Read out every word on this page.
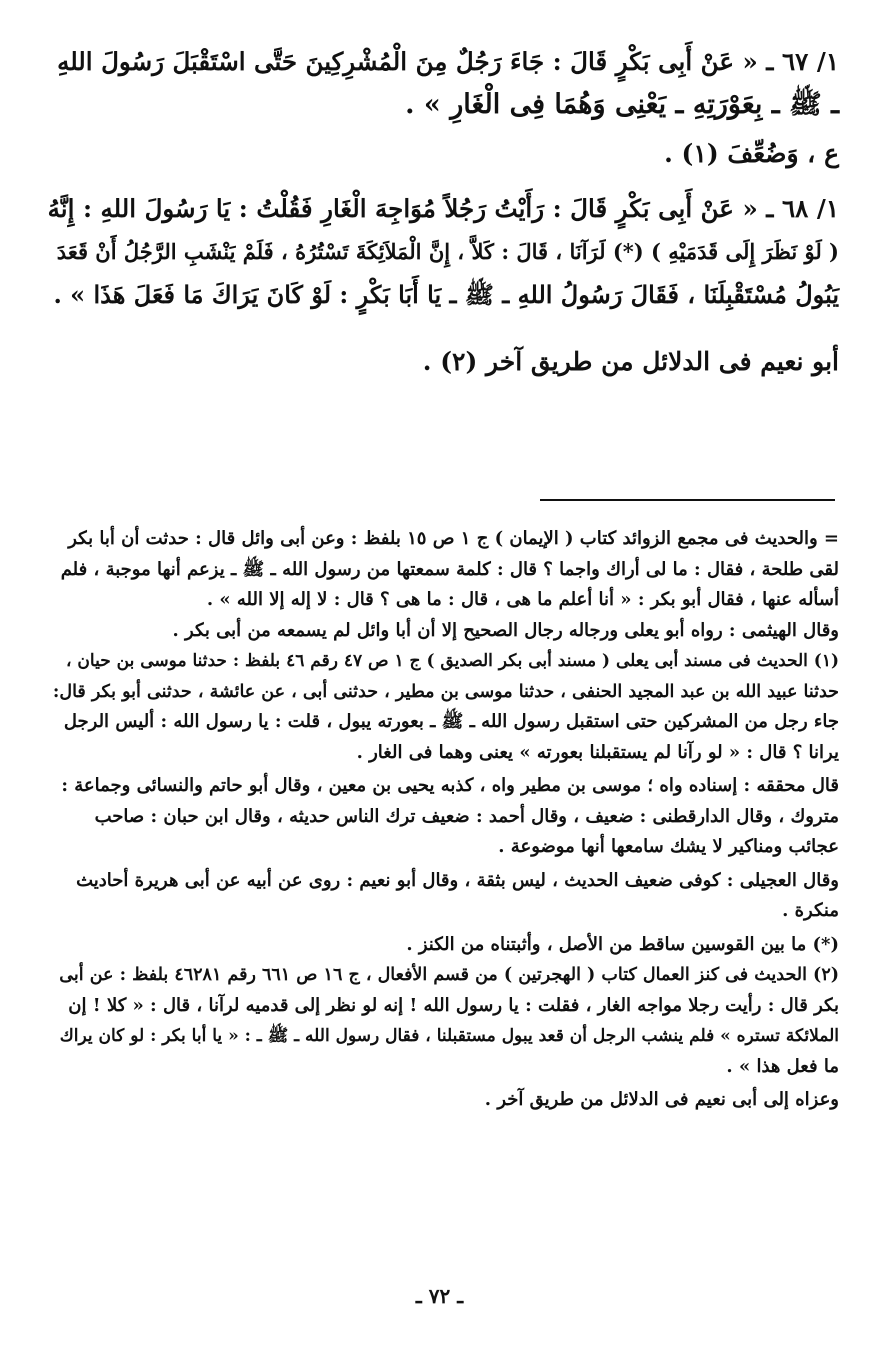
١/ ٦٧ ـ « عَنْ أَبِى بَكْرٍ قَالَ : جَاءَ رَجُلٌ مِنَ الْمُشْرِكِينَ حَتَّى اسْتَقْبَلَ رَسُولَ اللهِ

ـ ﷺ ـ بِعَوْرَتِهِ ـ يَعْنِى وَهُمَا فِى الْغَارِ » .

ع ، وَضُعِّفَ (١) .

١/ ٦٨ ـ « عَنْ أَبِى بَكْرٍ قَالَ : رَأَيْتُ رَجُلاً مُوَاجِهَ الْغَارِ فَقُلْتُ : يَا رَسُولَ اللهِ : إِنَّهُ

( لَوْ نَظَرَ إِلَى قَدَمَيْهِ ) (*) لَرَآنَا ، قَالَ : كَلاَّ ، إِنَّ الْمَلاَئِكَةَ تَسْتُرُهُ ، فَلَمْ يَنْشَبِ الرَّجُلُ أَنْ قَعَدَ

يَبُولُ مُسْتَقْبِلَنَا ، فَقَالَ رَسُولُ اللهِ ـ ﷺ ـ يَا أَبَا بَكْرٍ : لَوْ كَانَ يَرَاكَ مَا فَعَلَ هَذَا » .

أبو نعيم فى الدلائل من طريق آخر (٢) .

= والحديث فى مجمع الزوائد كتاب ( الإيمان ) ج ١ ص ١٥ بلفظ : وعن أبى وائل قال : حدثت أن أبا بكر

لقى طلحة ، فقال : ما لى أراك واجما ؟ قال : كلمة سمعتها من رسول الله ـ ﷺ ـ يزعم أنها موجبة ، فلم

أسأله عنها ، فقال أبو بكر : « أنا أعلم ما هى ، قال : ما هى ؟ قال : لا إله إلا الله » .

وقال الهيثمى : رواه أبو يعلى ورجاله رجال الصحيح إلا أن أبا وائل لم يسمعه من أبى بكر .

(١) الحديث فى مسند أبى يعلى ( مسند أبى بكر الصديق ) ج ١ ص ٤٧ رقم ٤٦ بلفظ : حدثنا موسى بن حيان ،

حدثنا عبيد الله بن عبد المجيد الحنفى ، حدثنا موسى بن مطير ، حدثنى أبى ، عن عائشة ، حدثنى أبو بكر قال:

جاء رجل من المشركين حتى استقبل رسول الله ـ ﷺ ـ بعورته يبول ، قلت : يا رسول الله : أليس الرجل

يرانا ؟ قال : « لو رآنا لم يستقبلنا بعورته » يعنى وهما فى الغار .

قال محققه : إسناده واه ؛ موسى بن مطير واه ، كذبه يحيى بن معين ، وقال أبو حاتم والنسائى وجماعة :

متروك ، وقال الدارقطنى : ضعيف ، وقال أحمد : ضعيف ترك الناس حديثه ، وقال ابن حبان : صاحب

عجائب ومناكير لا يشك سامعها أنها موضوعة .

وقال العجيلى : كوفى ضعيف الحديث ، ليس بثقة ، وقال أبو نعيم : روى عن أبيه عن أبى هريرة أحاديث

منكرة .

(*) ما بين القوسين ساقط من الأصل ، وأثبتناه من الكنز .

(٢) الحديث فى كنز العمال كتاب ( الهجرتين ) من قسم الأفعال ، ج ١٦ ص ٦٦١ رقم ٤٦٢٨١ بلفظ : عن أبى

بكر قال : رأيت رجلا مواجه الغار ، فقلت : يا رسول الله ! إنه لو نظر إلى قدميه لرآنا ، قال : « كلا ! إن

الملائكة تستره » فلم ينشب الرجل أن قعد يبول مستقبلنا ، فقال رسول الله ـ ﷺ ـ : « يا أبا بكر : لو كان يراك

ما فعل هذا » .

وعزاه إلى أبى نعيم فى الدلائل من طريق آخر .

ـ ٧٢ ـ
